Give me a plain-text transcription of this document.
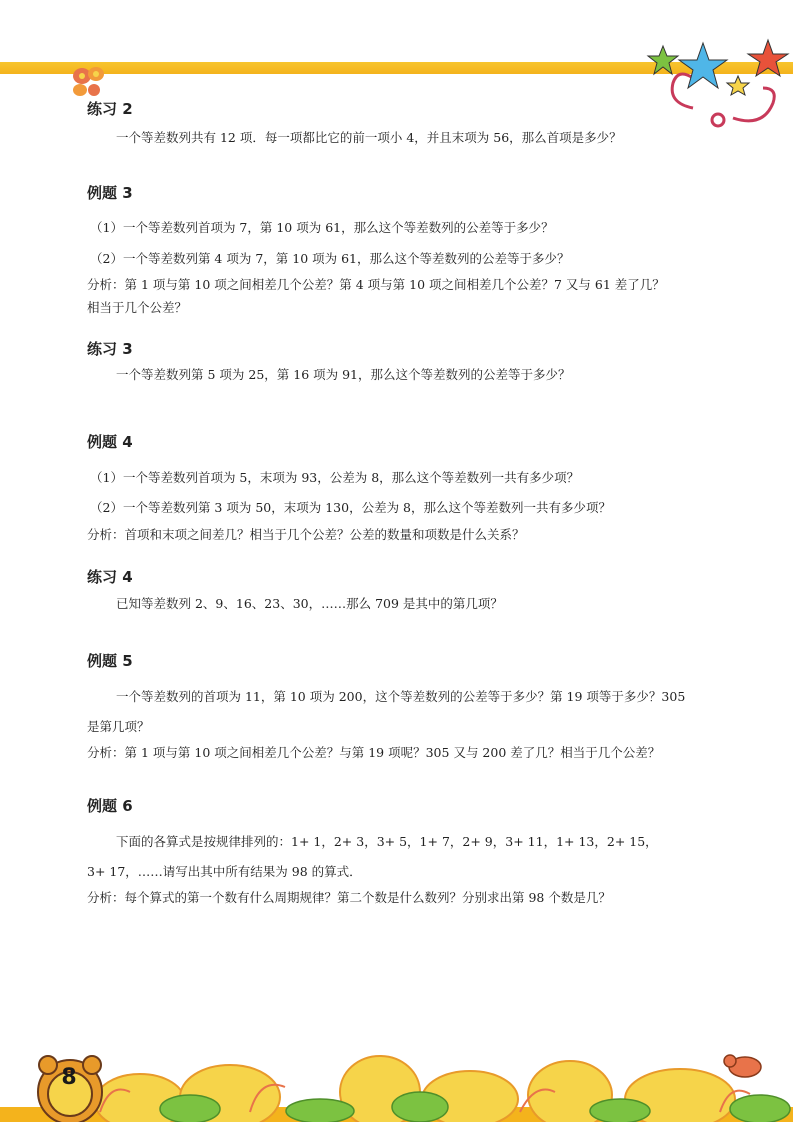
练习 2

一个等差数列共有 12 项．每一项都比它的前一项小 4，并且末项为 56，那么首项是多少？

例题 3

（1）一个等差数列首项为 7，第 10 项为 61，那么这个等差数列的公差等于多少？

（2）一个等差数列第 4 项为 7，第 10 项为 61，那么这个等差数列的公差等于多少？

分析：第 1 项与第 10 项之间相差几个公差？第 4 项与第 10 项之间相差几个公差？7 又与 61 差了几？

相当于几个公差？

练习 3

一个等差数列第 5 项为 25，第 16 项为 91，那么这个等差数列的公差等于多少？

例题 4

（1）一个等差数列首项为 5，末项为 93，公差为 8，那么这个等差数列一共有多少项？

（2）一个等差数列第 3 项为 50，末项为 130，公差为 8，那么这个等差数列一共有多少项？

分析：首项和末项之间差几？相当于几个公差？公差的数量和项数是什么关系？

练习 4

已知等差数列 2、9、16、23、30，……那么 709 是其中的第几项？

例题 5

一个等差数列的首项为 11，第 10 项为 200，这个等差数列的公差等于多少？第 19 项等于多少？305

是第几项？

分析：第 1 项与第 10 项之间相差几个公差？与第 19 项呢？305 又与 200 差了几？相当于几个公差？

例题 6

下面的各算式是按规律排列的：1+ 1，2+ 3，3+ 5，1+ 7，2+ 9，3+ 11，1+ 13，2+ 15，

3+ 17，……请写出其中所有结果为 98 的算式．

分析：每个算式的第一个数有什么周期规律？第二个数是什么数列？分别求出第 98 个数是几？

8
